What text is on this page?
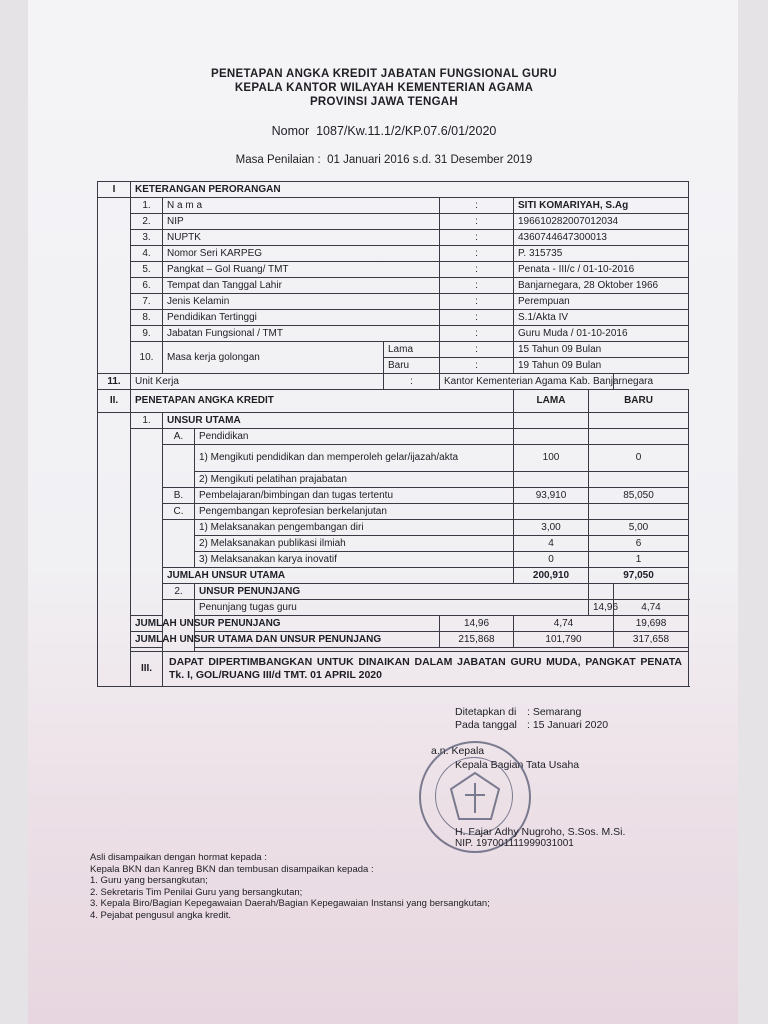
PENETAPAN ANGKA KREDIT JABATAN FUNGSIONAL GURU
KEPALA KANTOR WILAYAH KEMENTERIAN AGAMA
PROVINSI JAWA TENGAH
Nomor 1087/Kw.11.1/2/KP.07.6/01/2020
Masa Penilaian : 01 Januari 2016 s.d. 31 Desember 2019
I	KETERANGAN PERORANGAN								
	1.	N a m a			:	SITI KOMARIYAH, S.Ag			
	2.	NIP			:	196610282007012034			
	3.	NUPTK			:	4360744647300013			
	4.	Nomor Seri KARPEG			:	P. 315735			
	5.	Pangkat – Gol Ruang/ TMT			:	Penata - III/c / 01-10-2016			
	6.	Tempat dan Tanggal Lahir			:	Banjarnegara, 28 Oktober 1966			
	7.	Jenis Kelamin			:	Perempuan			
	8.	Pendidikan Tertinggi			:	S.1/Akta IV			
	9.	Jabatan Fungsional / TMT			:	Guru Muda / 01-10-2016			
	10.	Masa kerja golongan		Lama	:	15 Tahun 09 Bulan			
				Baru	:	19 Tahun 09 Bulan			
11.	Unit Kerja			:	Kantor Kementerian Agama Kab. Banjarnegara				
II.	PENETAPAN ANGKA KREDIT					LAMA	BARU	
	1.	UNSUR UTAMA							
		A.	Pendidikan						
			1) Mengikuti pendidikan dan memperoleh gelar/ijazah/akta			100	0	
			2) Mengikuti pelatihan prajabatan						
		B.	Pembelajaran/bimbingan dan tugas tertentu			93,910	85,050	
		C.	Pengembangan keprofesian berkelanjutan						
			1) Melaksanakan pengembangan diri			3,00	5,00	
			2) Melaksanakan publikasi ilmiah			4	6	
			3) Melaksanakan karya inovatif			0	1	
		JUMLAH UNSUR UTAMA				200,910	97,050	
		2.	UNSUR PENUNJANG						
			Penunjang tugas guru				14,96	4,74	
	JUMLAH UNSUR PENUNJANG				14,96	4,74		19,698	
	JUMLAH UNSUR UTAMA DAN UNSUR PENUNJANG				215,868	101,790		317,658	

	III.	DAPAT DIPERTIMBANGKAN UNTUK DINAIKAN DALAM JABATAN GURU MUDA, PANGKAT PENATA Tk. I, GOL/RUANG III/d TMT. 01 APRIL 2020							
Ditetapkan di : Semarang
Pada tanggal : 15 Januari 2020
a.n. Kepala
Kepala Bagian Tata Usaha
H. Fajar Adhy Nugroho, S.Sos. M.Si.
NIP. 197001111999031001
Asli disampaikan dengan hormat kepada :
Kepala BKN dan Kanreg BKN dan tembusan disampaikan kepada :
1. Guru yang bersangkutan;
2. Sekretaris Tim Penilai Guru yang bersangkutan;
3. Kepala Biro/Bagian Kepegawaian Daerah/Bagian Kepegawaian Instansi yang bersangkutan;
4. Pejabat pengusul angka kredit.
